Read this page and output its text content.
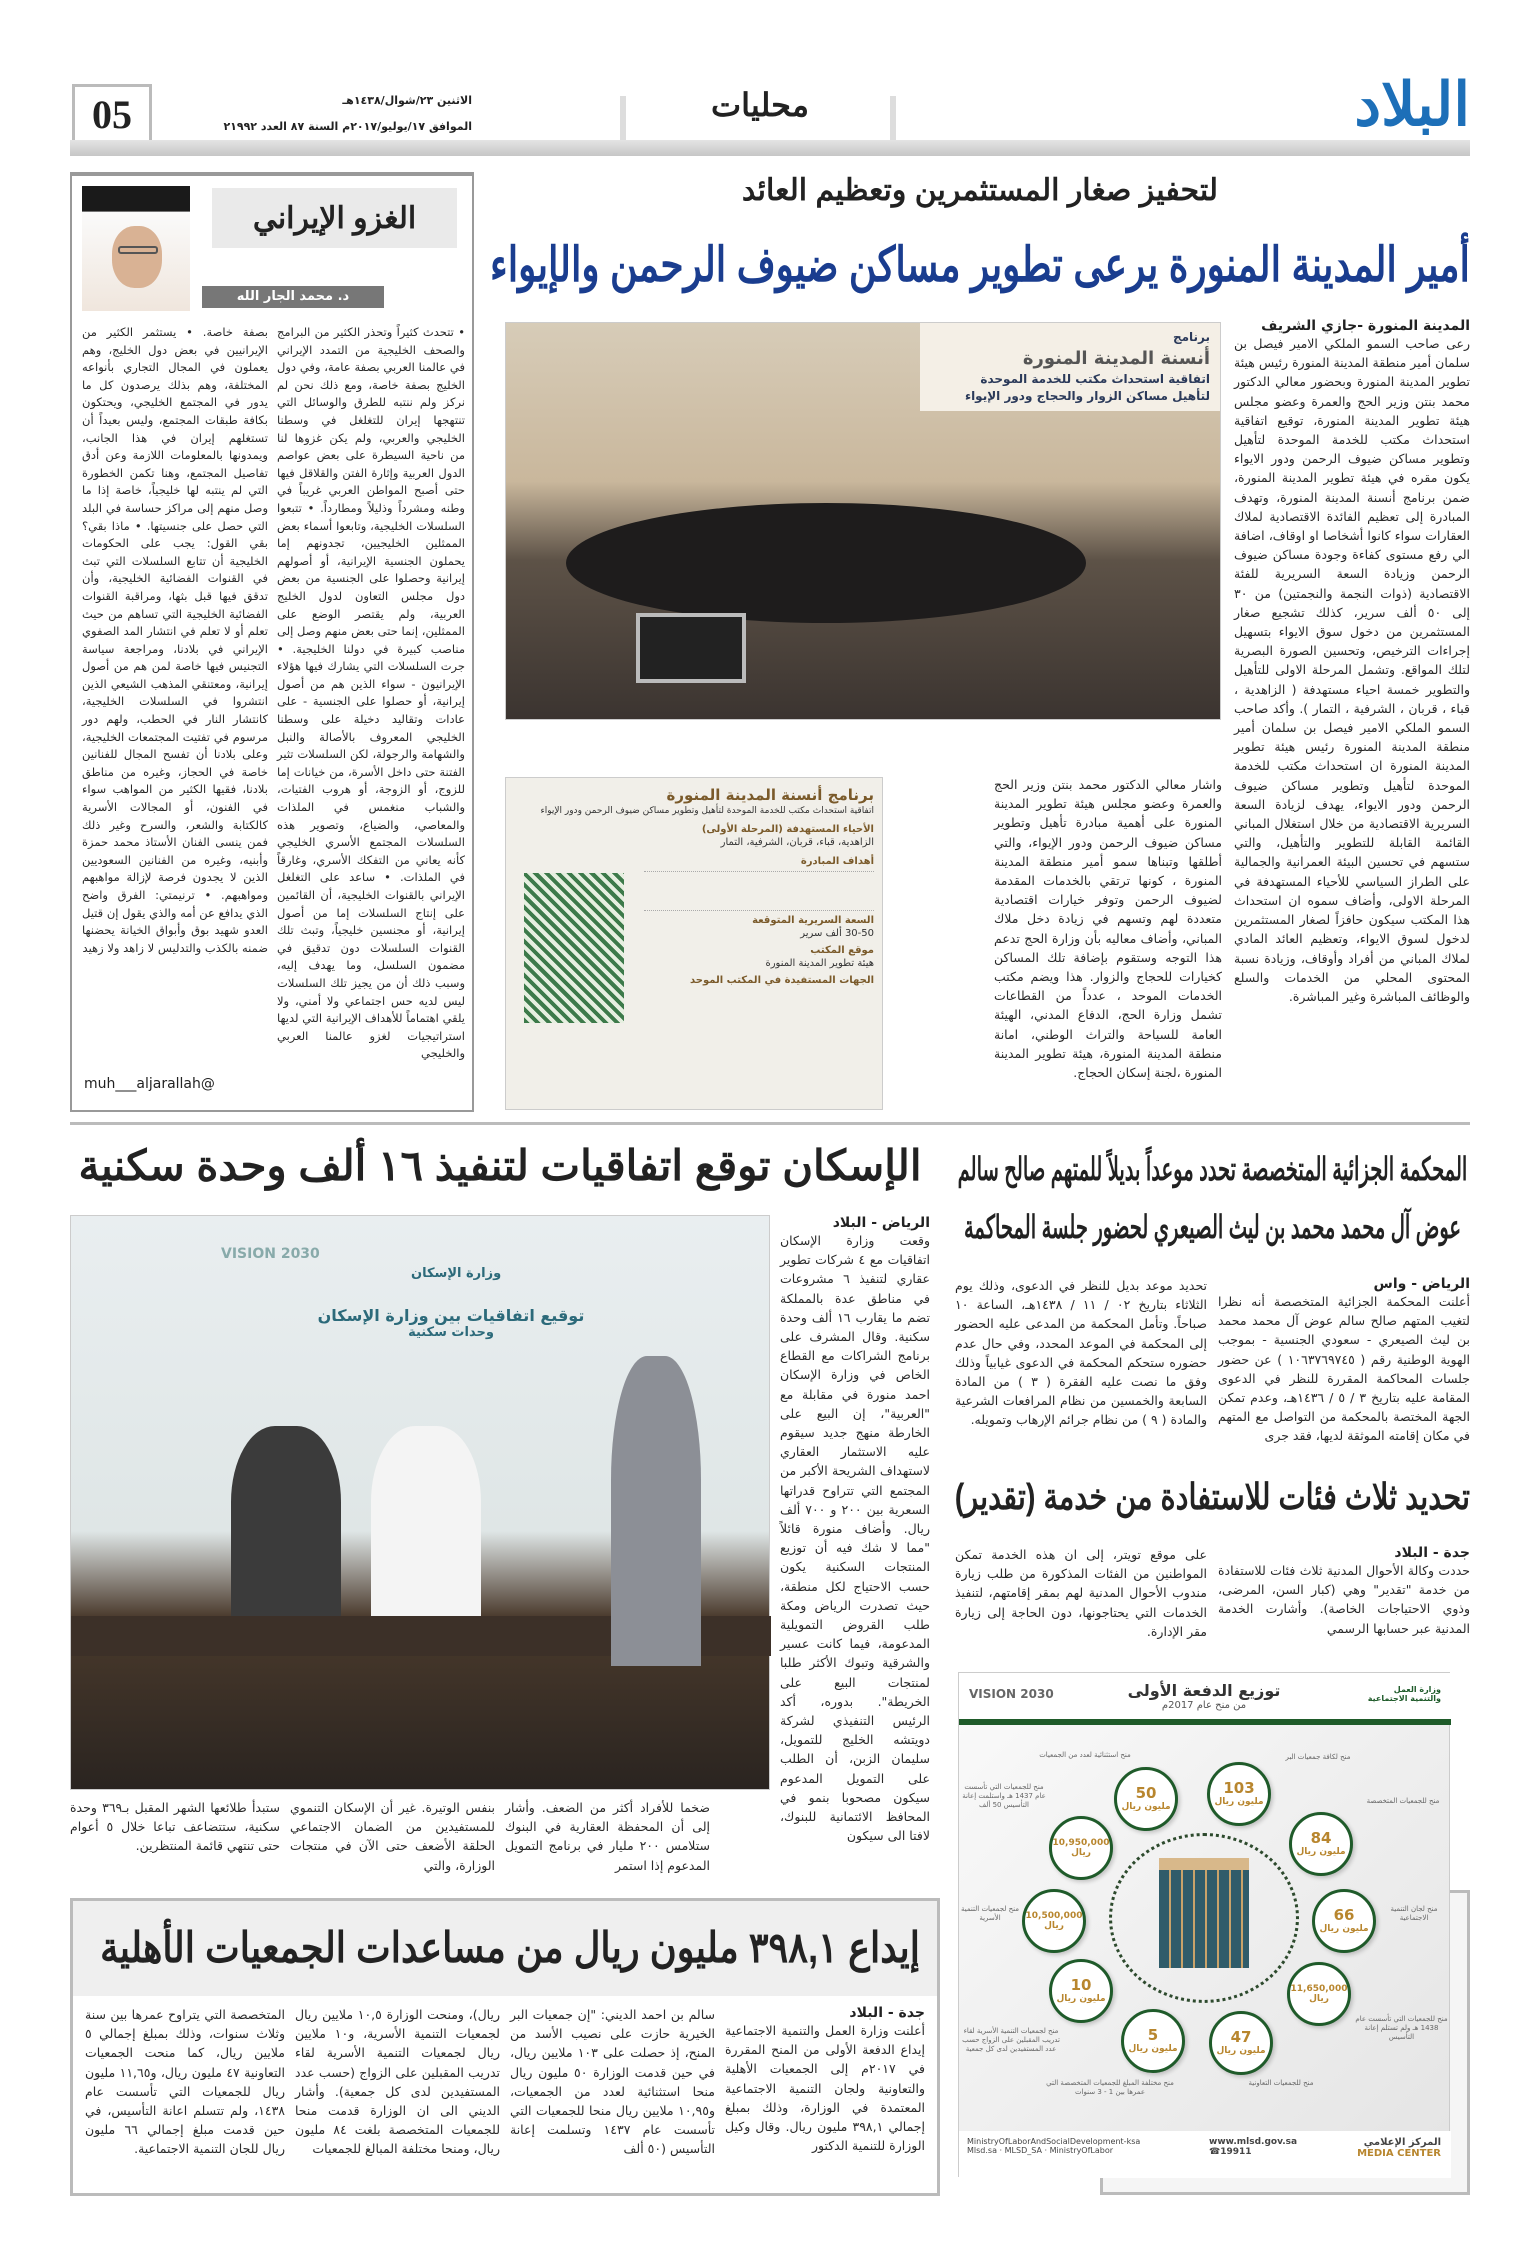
05	الاثنين ٢٣/شوال/١٤٣٨هـ
الموافق ١٧/يوليو/٢٠١٧م السنة ٨٧ العدد ٢١٩٩٢
محليات	البلاد
الغزو الإيراني
د. محمد الجار الله
• تتحدث كثيراً وتحذر الكثير من البرامج والصحف الخليجية من التمدد الإيراني في عالمنا العربي بصفة عامة، وفي دول الخليج بصفة خاصة، ومع ذلك نحن لم نركز ولم ننتبه للطرق والوسائل التي تنتهجها إيران للتغلغل في وسطنا الخليجي والعربي، ولم يكن غزوها لنا من ناحية السيطرة على بعض عواصم الدول العربية وإثارة الفتن والقلاقل فيها حتى أصبح المواطن العربي غريباً في وطنه ومشرداً وذليلاً ومطارداً. • تتبعوا السلسلات الخليجية، وتابعوا أسماء بعض الممثلين الخليجيين، تجدونهم إما يحملون الجنسية الإيرانية، أو أصولهم إيرانية وحصلوا على الجنسية من بعض دول مجلس التعاون لدول الخليج العربية، ولم يقتصر الوضع على الممثلين، إنما حتى بعض منهم وصل إلى مناصب كبيرة في دولنا الخليجية. • جرت السلسلات التي يشارك فيها هؤلاء الإيرانيون - سواء الذين هم من أصول إيرانية، أو حصلوا على الجنسية - على عادات وتقاليد دخيلة على وسطنا الخليجي المعروف بالأصالة والنبل والشهامة والرجولة، لكن السلسلات تثير الفتنة حتى داخل الأسرة، من خيانات إما للزوج، أو الزوجة، أو هروب الفتيات، والشباب منغمس في الملذات والمعاصي، والضياع، وتصوير هذه السلسلات المجتمع الأسري الخليجي كأنه يعاني من التفكك الأسري، وغارقاً في الملذات. • ساعد على التغلغل الإيراني بالقنوات الخليجية، أن القائمين على إنتاج السلسلات إما من أصول إيرانية، أو مجنسين خليجياً، وتبث تلك القنوات السلسلات دون تدقيق في مضمون السلسل، وما يهدف إليه، وسبب ذلك أن من يجيز تلك السلسلات ليس لديه حس اجتماعي ولا أمني، ولا يلقي اهتماماً للأهداف الإيرانية التي لديها استراتيجيات لغزو عالمنا العربي والخليجي
بصفة خاصة. • يستثمر الكثير من الإيرانيين في بعض دول الخليج، وهم يعملون في المجال التجاري بأنواعه المختلفة، وهم بذلك يرصدون كل ما يدور في المجتمع الخليجي، ويحتكون بكافة طبقات المجتمع، وليس بعيداً أن تستغلهم إيران في هذا الجانب، ويمدونها بالمعلومات اللازمة وعن أدق تفاصيل المجتمع، وهنا تكمن الخطورة التي لم ينتبه لها خليجياً، خاصة إذا ما وصل منهم إلى مراكز حساسة في البلد التي حصل على جنسيتها. • ماذا بقي؟ بقي القول: يجب على الحكومات الخليجية أن تتابع السلسلات التي تبث في القنوات الفضائية الخليجية، وأن تدقق فيها قبل بثها، ومراقبة القنوات الفضائية الخليجية التي تساهم من حيث تعلم أو لا تعلم في انتشار المد الصفوي الإيراني في بلادنا، ومراجعة سياسة التجنيس فيها خاصة لمن هم من أصول إيرانية، ومعتنقي المذهب الشيعي الذين انتشروا في السلسلات الخليجية، كانتشار النار في الحطب، ولهم دور مرسوم في تفتيت المجتمعات الخليجية، وعلى بلادنا أن تفسح المجال للفنانين خاصة في الحجاز، وغيره من مناطق بلادنا، فقيها الكثير من المواهب سواء في الفنون، أو المجالات الأسرية كالكتابة والشعر، والسرح وغير ذلك فمن ينسى الفنان الأستاذ محمد حمزة وأبنيه، وغيره من الفنانين السعوديين الذين لا يجدون فرصة لإزالة مواهبهم ومواهبهم. • ترنيمتي: الفرق واضح الذي يدافع عن أمه والذي يقول إن قتيل العدو شهيد بوق وأبواق الخيانة يحضنها ضمنه بالكذب والتدليس لا زاهد ولا زهيد
muh___aljarallah@
لتحفيز صغار المستثمرين وتعظيم العائد
أمير المدينة المنورة يرعى تطوير مساكن ضيوف الرحمن والإيواء
برنامج
أنسنة المدينة المنورة
اتفاقية استحداث مكتب للخدمة الموحدة
لتأهيل مساكن الزوار والحجاج ودور الإيواء
المدينة المنورة -جازي الشريف
رعى صاحب السمو الملكي الامير فيصل بن سلمان أمير منطقة المدينة المنورة رئيس هيئة تطوير المدينة المنورة وبحضور معالي الدكتور محمد بنتن وزير الحج والعمرة وعضو مجلس هيئة تطوير المدينة المنورة، توقيع اتفاقية استحداث مكتب للخدمة الموحدة لتأهيل وتطوير مساكن ضيوف الرحمن ودور الايواء يكون مقره في هيئة تطوير المدينة المنورة، ضمن برنامج أنسنة المدينة المنورة، وتهدف المبادرة إلى تعظيم الفائدة الاقتصادية لملاك العقارات سواء كانوا أشخاصا او اوقاف، اضافة الي رفع مستوى كفاءة وجودة مساكن ضيوف الرحمن وزيادة السعة السريرية للفئة الاقتصادية (ذوات النجمة والنجمتين) من ٣٠ إلى ٥٠ ألف سرير، كذلك تشجيع صغار المستثمرين من دخول سوق الايواء بتسهيل إجراءات الترخيص، وتحسين الصورة البصرية لتلك المواقع. وتشمل المرحلة الاولى للتأهيل والتطوير خمسة احياء مستهدفة ( الزاهدية ، قباء ، قربان ، الشرفية ، التمار ). وأكد صاحب السمو الملكي الامير فيصل بن سلمان أمير منطقة المدينة المنورة رئيس هيئة تطوير المدينة المنورة ان استحداث مكتب للخدمة الموحدة لتأهيل وتطوير مساكن ضيوف الرحمن ودور الايواء، يهدف لزيادة السعة السريرية الاقتصادية من خلال استغلال المباني القائمة القابلة للتطوير والتأهيل، والتي ستسهم في تحسين البيئة العمرانية والجمالية على الطراز السياسي للأحياء المستهدفة في المرحلة الاولى، وأضاف سموه ان استحداث هذا المكتب سيكون حافزاً لصغار المستثمرين لدخول لسوق الايواء، وتعظيم العائد المادي لملاك المباني من أفراد وأوقاف، وزيادة نسبة المحتوى المحلي من الخدمات والسلع والوظائف المباشرة وغير المباشرة.
برنامج أنسنة المدينة المنورة
اتفاقية استحداث مكتب للخدمة الموحدة لتأهيل وتطوير مساكن ضيوف الرحمن ودور الإيواء
الأحياء المستهدفة (المرحلة الأولى)
الزاهدية، قباء، قربان، الشرفية، التمار
أهداف المبادرة
السعة السريرية المتوقعة
30-50 ألف سرير
موقع المكتب
هيئة تطوير المدينة المنورة
الجهات المستفيدة في المكتب الموحد
واشار معالي الدكتور محمد بنتن وزير الحج والعمرة وعضو مجلس هيئة تطوير المدينة المنورة على أهمية مبادرة تأهيل وتطوير مساكن ضيوف الرحمن ودور الإيواء، والتي أطلقها وتبناها سمو أمير منطقة المدينة المنورة ، كونها ترتقي بالخدمات المقدمة لضيوف الرحمن وتوفر خيارات اقتصادية متعددة لهم وتسهم في زيادة دخل ملاك المباني، وأضاف معاليه بأن وزارة الحج تدعم هذا التوجه وستقوم بإضافة تلك المساكن كخيارات للحجاج والزوار. هذا ويضم مكتب الخدمات الموحد ، عدداً من القطاعات تشمل وزارة الحج، الدفاع المدني، الهيئة العامة للسياحة والتراث الوطني، امانة منطقة المدينة المنورة، هيئة تطوير المدينة المنورة ،لجنة إسكان الحجاج.
المحكمة الجزائية المتخصصة تحدد موعداً بديلاً للمتهم صالح سالم عوض آل محمد محمد بن ليث الصيعري لحضور جلسة المحاكمة
الرياض - واس
أعلنت المحكمة الجزائية المتخصصة أنه نظرا لتغيب المتهم صالح سالم عوض آل محمد محمد بن ليث الصيعري - سعودي الجنسية - بموجب الهوية الوطنية رقم ( ١٠٦٣٧٦٩٧٤٥ ) عن حضور جلسات المحاكمة المقررة للنظر في الدعوى المقامة عليه بتاريخ ٣ / ٥ / ١٤٣٦هـ، وعدم تمكن الجهة المختصة بالمحكمة من التواصل مع المتهم في مكان إقامته الموثقة لديها، فقد جرى
تحديد موعد بديل للنظر في الدعوى، وذلك يوم الثلاثاء بتاريخ ٠٢ / ١١ / ١٤٣٨هـ، الساعة ١٠ صباحاً. وتأمل المحكمة من المدعى عليه الحضور إلى المحكمة في الموعد المحدد، وفي حال عدم حضوره ستحكم المحكمة في الدعوى غيابياً وذلك وفق ما نصت عليه الفقرة ( ٣ ) من المادة السابعة والخمسين من نظام المرافعات الشرعية والمادة ( ٩ ) من نظام جرائم الإرهاب وتمويله.
تحديد ثلاث فئات للاستفادة من خدمة (تقدير)
جدة - البلاد
حددت وكالة الأحوال المدنية ثلاث فئات للاستفادة من خدمة "تقدير" وهي (كبار السن، المرضى، وذوي الاحتياجات الخاصة). وأشارت الخدمة المدنية عبر حسابها الرسمي
على موقع تويتر، إلى ان هذه الخدمة تمكن المواطنين من الفئات المذكورة من طلب زيارة مندوب الأحوال المدنية لهم بمقر إقامتهم، لتنفيذ الخدمات التي يحتاجونها، دون الحاجة إلى زيارة مقر الإدارة.
VISION 2030	توزيع الدفعة الأولى
من منح عام 2017م
وزارة العمل والتنمية الاجتماعية
103
مليون ريال
منح لكافة جمعيات البر
84
مليون ريال
منح للجمعيات المتخصصة
66
مليون ريال
منح لجان التنمية الاجتماعية
11,650,000
ريال
منح للجمعيات التي تأسست عام 1438 هـ ولم تستلم إعانة التأسيس
47
مليون ريال
منح للجمعيات التعاونية
5
مليون ريال
منح مختلفة المبلغ للجمعيات المتخصصة التي عمرها بين 1 - 3 سنوات
10
مليون ريال
منح لجمعيات التنمية الأسرية لقاء تدريب المقبلين على الزواج حسب عدد المستفيدين لدى كل جمعية
10,500,000
ريال
منح لجمعيات التنمية الأسرية
10,950,000
ريال
منح للجمعيات التي تأسست عام 1437 هـ واستلمت إعانة التأسيس 50 ألف
50
مليون ريال
منح استثنائية لعدد من الجمعيات
MinistryOfLaborAndSocialDevelopment-ksa
Mlsd.sa · MLSD_SA · MinistryOfLabor
www.mlsd.gov.sa
☎19911
المركز الإعلامي
MEDIA CENTER
الإسكان توقع اتفاقيات لتنفيذ ١٦ ألف وحدة سكنية
توقيع اتفاقيات بين وزارة الإسكان
وحدات سكنية
VISION 2030
وزارة الإسكان
الرياض - البلاد
وقعت وزارة الإسكان اتفاقيات مع ٤ شركات تطوير عقاري لتنفيذ ٦ مشروعات في مناطق عدة بالمملكة تضم ما يقارب ١٦ ألف وحدة سكنية. وقال المشرف على برنامج الشراكات مع القطاع الخاص في وزارة الإسكان احمد منورة في مقابلة مع "العربية"، إن البيع على الخارطة منهج جديد سيقوم عليه الاستثمار العقاري لاستهداف الشريحة الأكبر من المجتمع التي تتراوح قدراتها السعرية بين ٢٠٠ و ٧٠٠ ألف ريال. وأضاف منورة قائلاً "مما لا شك فيه أن توزيع المنتجات السكنية يكون حسب الاحتياج لكل منطقة، حيث تصدرت الرياض ومكة طلب القروض التمويلية المدعومة، فيما كانت عسير والشرقية وتبوك الأكثر طلبا لمنتجات البيع على الخريطة". بدوره، أكد الرئيس التنفيذي لشركة دويتشه الخليج للتمويل، سليمان الزبن، أن الطلب على التمويل المدعوم سيكون مصحوبا بنمو في المحافظ الائتمانية للبنوك، لافتا الى سيكون
ضخما للأفراد أكثر من الضعف. وأشار إلى أن المحفظة العقارية في البنوك ستلامس ٢٠٠ مليار في برنامج التمويل المدعوم إذا استمر
بنفس الوتيرة. غير أن الإسكان التنموي للمستفيدين من الضمان الاجتماعي الحلقة الأضعف حتى الآن في منتجات الوزارة، والتي
ستبدأ طلائعها الشهر المقبل بـ٣٦٩ وحدة سكنية، ستتضاعف تباعا خلال ٥ أعوام حتى تنتهي قائمة المنتظرين.
إيداع ٣٩٨,١ مليون ريال من مساعدات الجمعيات الأهلية
جدة - البلاد
أعلنت وزارة العمل والتنمية الاجتماعية إيداع الدفعة الأولى من المنح المقررة في ٢٠١٧م إلى الجمعيات الأهلية والتعاونية ولجان التنمية الاجتماعية المعتمدة في الوزارة، وذلك بمبلغ إجمالي ٣٩٨,١ مليون ريال. وقال وكيل الوزارة للتنمية الدكتور
سالم بن احمد الديني: "إن جمعيات البر الخيرية حازت على نصيب الأسد من المنح، إذ حصلت على ١٠٣ ملايين ريال، في حين قدمت الوزارة ٥٠ مليون ريال منحا استثنائية لعدد من الجمعيات، و١٠,٩٥ ملايين ريال منحا للجمعيات التي تأسست عام ١٤٣٧ وتسلمت إعانة التأسيس (٥٠ ألف
ريال)، ومنحت الوزارة ١٠,٥ ملايين ريال لجمعيات التنمية الأسرية، و١٠ ملايين ريال لجمعيات التنمية الأسرية لقاء تدريب المقبلين على الزواج (حسب عدد المستفيدين لدى كل جمعية). وأشار الديني الى ان الوزارة قدمت منحا للجمعيات المتخصصة بلغت ٨٤ مليون ريال، ومنحا مختلفة المبالغ للجمعيات
المتخصصة التي يتراوح عمرها بين سنة وثلاث سنوات، وذلك بمبلغ إجمالي ٥ ملايين ريال، كما منحت الجمعيات التعاونية ٤٧ مليون ريال، و١١,٦٥ مليون ريال للجمعيات التي تأسست عام ١٤٣٨، ولم تتسلم اعانة التأسيس، في حين قدمت مبلغ إجمالي ٦٦ مليون ريال للجان التنمية الاجتماعية.
